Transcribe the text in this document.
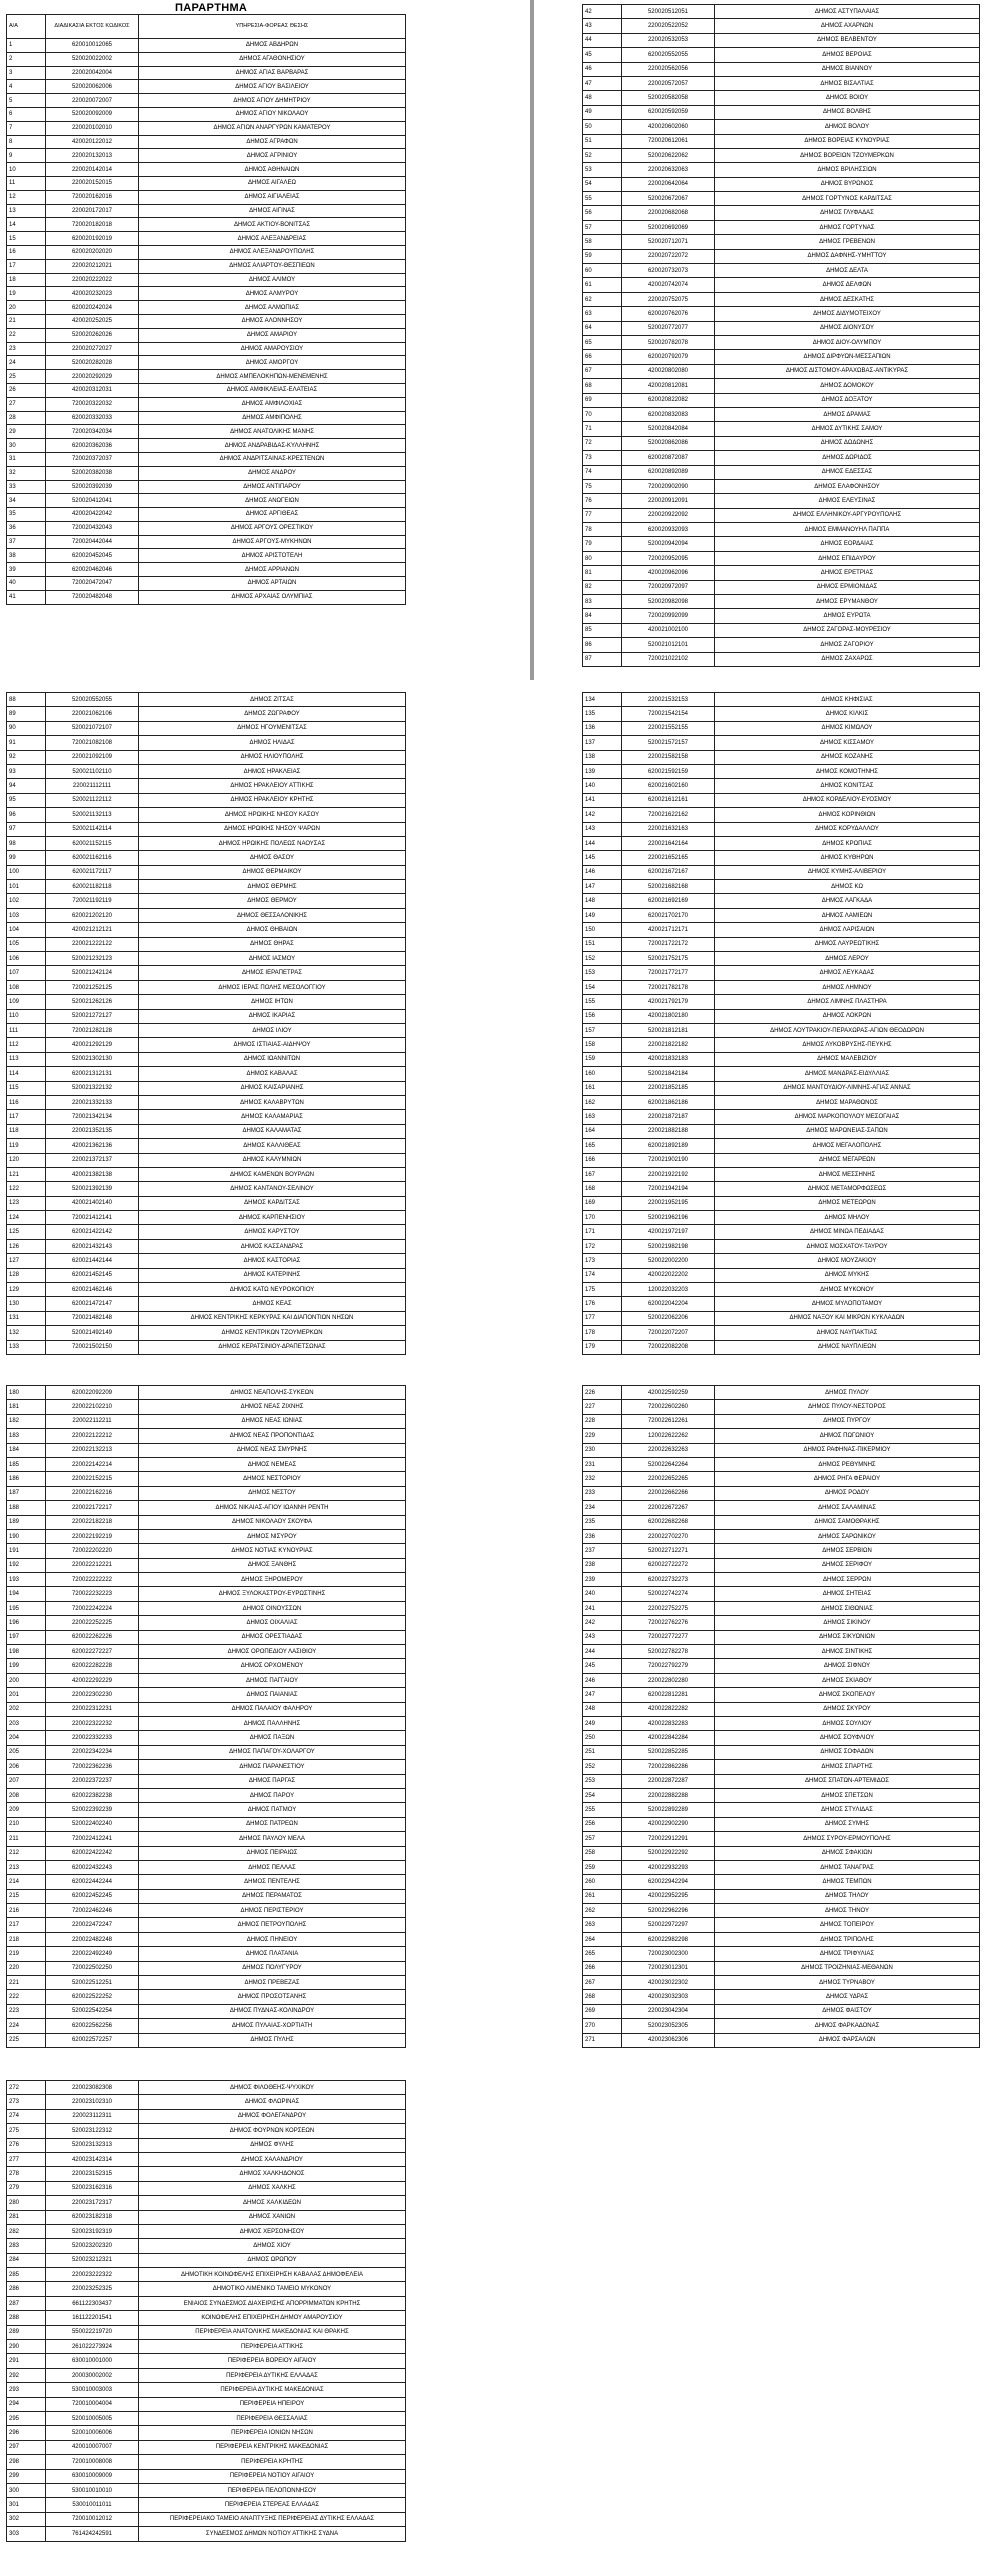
ΠΑΡΑΡΤΗΜΑ
Α/Α	ΔΙΑΔΙΚΑΣΙΑ ΕΚΤΟΣ ΚΩΔΙΚΟΣ	ΥΠΗΡΕΣΙΑ-ΦΟΡΕΑΣ ΘΕΣΗΣ
1	620010012065	ΔΗΜΟΣ ΑΒΔΗΡΩΝ
2	520020022002	ΔΗΜΟΣ ΑΓΑΘΟΝΗΣΙΟΥ
3	220020042004	ΔΗΜΟΣ ΑΓΙΑΣ ΒΑΡΒΑΡΑΣ
4	520020062006	ΔΗΜΟΣ ΑΓΙΟΥ ΒΑΣΙΛΕΙΟΥ
5	220020072007	ΔΗΜΟΣ ΑΓΙΟΥ ΔΗΜΗΤΡΙΟΥ
6	520020092009	ΔΗΜΟΣ ΑΓΙΟΥ ΝΙΚΟΛΑΟΥ
7	220020102010	ΔΗΜΟΣ ΑΓΙΩΝ ΑΝΑΡΓΥΡΩΝ ΚΑΜΑΤΕΡΟΥ
8	420020122012	ΔΗΜΟΣ ΑΓΡΑΦΩΝ
9	220020132013	ΔΗΜΟΣ ΑΓΡΙΝΙΟΥ
10	220020142014	ΔΗΜΟΣ ΑΘΗΝΑΙΩΝ
11	220020152015	ΔΗΜΟΣ ΑΙΓΑΛΕΩ
12	720020162016	ΔΗΜΟΣ ΑΙΓΙΑΛΕΙΑΣ
13	220020172017	ΔΗΜΟΣ ΑΙΓΙΝΑΣ
14	720020182018	ΔΗΜΟΣ ΑΚΤΙΟΥ-ΒΟΝΙΤΣΑΣ
15	620020192019	ΔΗΜΟΣ ΑΛΕΞΑΝΔΡΕΙΑΣ
16	620020202020	ΔΗΜΟΣ ΑΛΕΞΑΝΔΡΟΥΠΟΛΗΣ
17	220020212021	ΔΗΜΟΣ ΑΛΙΑΡΤΟΥ-ΘΕΣΠΙΕΩΝ
18	220020222022	ΔΗΜΟΣ ΑΛΙΜΟΥ
19	420020232023	ΔΗΜΟΣ ΑΛΜΥΡΟΥ
20	620020242024	ΔΗΜΟΣ ΑΛΜΩΠΙΑΣ
21	420020252025	ΔΗΜΟΣ ΑΛΟΝΝΗΣΟΥ
22	520020262026	ΔΗΜΟΣ ΑΜΑΡΙΟΥ
23	220020272027	ΔΗΜΟΣ ΑΜΑΡΟΥΣΙΟΥ
24	520020282028	ΔΗΜΟΣ ΑΜΟΡΓΟΥ
25	220020292029	ΔΗΜΟΣ ΑΜΠΕΛΟΚΗΠΩΝ-ΜΕΝΕΜΕΝΗΣ
26	420020312031	ΔΗΜΟΣ ΑΜΦΙΚΛΕΙΑΣ-ΕΛΑΤΕΙΑΣ
27	720020322032	ΔΗΜΟΣ ΑΜΦΙΛΟΧΙΑΣ
28	620020332033	ΔΗΜΟΣ ΑΜΦΙΠΟΛΗΣ
29	720020342034	ΔΗΜΟΣ ΑΝΑΤΟΛΙΚΗΣ ΜΑΝΗΣ
30	620020362036	ΔΗΜΟΣ ΑΝΔΡΑΒΙΔΑΣ-ΚΥΛΛΗΝΗΣ
31	720020372037	ΔΗΜΟΣ ΑΝΔΡΙΤΣΑΙΝΑΣ-ΚΡΕΣΤΕΝΩΝ
32	520020382038	ΔΗΜΟΣ ΑΝΔΡΟΥ
33	520020392039	ΔΗΜΟΣ ΑΝΤΙΠΑΡΟΥ
34	520020412041	ΔΗΜΟΣ ΑΝΩΓΕΙΩΝ
35	420020422042	ΔΗΜΟΣ ΑΡΓΙΘΕΑΣ
36	720020432043	ΔΗΜΟΣ ΑΡΓΟΥΣ ΟΡΕΣΤΙΚΟΥ
37	720020442044	ΔΗΜΟΣ ΑΡΓΟΥΣ-ΜΥΚΗΝΩΝ
38	620020452045	ΔΗΜΟΣ ΑΡΙΣΤΟΤΕΛΗ
39	620020462046	ΔΗΜΟΣ ΑΡΡΙΑΝΩΝ
40	720020472047	ΔΗΜΟΣ ΑΡΤΑΙΩΝ
41	720020482048	ΔΗΜΟΣ ΑΡΧΑΙΑΣ ΟΛΥΜΠΙΑΣ
42	520020512051	ΔΗΜΟΣ ΑΣΤΥΠΑΛΑΙΑΣ
43	220020522052	ΔΗΜΟΣ ΑΧΑΡΝΩΝ
44	220020532053	ΔΗΜΟΣ ΒΕΛΒΕΝΤΟΥ
45	620020552055	ΔΗΜΟΣ ΒΕΡΟΙΑΣ
46	220020562056	ΔΗΜΟΣ ΒΙΑΝΝΟΥ
47	220020572057	ΔΗΜΟΣ ΒΙΣΑΛΤΙΑΣ
48	520020582058	ΔΗΜΟΣ ΒΟΙΟΥ
49	620020592059	ΔΗΜΟΣ ΒΟΛΒΗΣ
50	420020602060	ΔΗΜΟΣ ΒΟΛΟΥ
51	720020612061	ΔΗΜΟΣ ΒΟΡΕΙΑΣ ΚΥΝΟΥΡΙΑΣ
52	520020622062	ΔΗΜΟΣ ΒΟΡΕΙΩΝ ΤΖΟΥΜΕΡΚΩΝ
53	220020632063	ΔΗΜΟΣ ΒΡΙΛΗΣΣΙΩΝ
54	220020642064	ΔΗΜΟΣ ΒΥΡΩΝΟΣ
55	520020672067	ΔΗΜΟΣ ΓΟΡΤΥΝΟΣ ΚΑΡΔΙΤΣΑΣ
56	220020682068	ΔΗΜΟΣ ΓΛΥΦΑΔΑΣ
57	520020692069	ΔΗΜΟΣ ΓΟΡΤΥΝΑΣ
58	520020712071	ΔΗΜΟΣ ΓΡΕΒΕΝΩΝ
59	220020722072	ΔΗΜΟΣ ΔΑΦΝΗΣ-ΥΜΗΤΤΟΥ
60	620020732073	ΔΗΜΟΣ ΔΕΛΤΑ
61	420020742074	ΔΗΜΟΣ ΔΕΛΦΩΝ
62	220020752075	ΔΗΜΟΣ ΔΕΣΚΑΤΗΣ
63	620020762076	ΔΗΜΟΣ ΔΙΔΥΜΟΤΕΙΧΟΥ
64	520020772077	ΔΗΜΟΣ ΔΙΟΝΥΣΟΥ
65	520020782078	ΔΗΜΟΣ ΔΙΟΥ-ΟΛΥΜΠΟΥ
66	620020792079	ΔΗΜΟΣ ΔΙΡΦΥΩΝ-ΜΕΣΣΑΠΙΩΝ
67	420020802080	ΔΗΜΟΣ ΔΙΣΤΟΜΟΥ-ΑΡΑΧΩΒΑΣ-ΑΝΤΙΚΥΡΑΣ
68	420020812081	ΔΗΜΟΣ ΔΟΜΟΚΟΥ
69	620020822082	ΔΗΜΟΣ ΔΟΞΑΤΟΥ
70	620020832083	ΔΗΜΟΣ ΔΡΑΜΑΣ
71	520020842084	ΔΗΜΟΣ ΔΥΤΙΚΗΣ ΣΑΜΟΥ
72	520020862086	ΔΗΜΟΣ ΔΩΔΩΝΗΣ
73	620020872087	ΔΗΜΟΣ ΔΩΡΙΔΟΣ
74	620020892089	ΔΗΜΟΣ ΕΔΕΣΣΑΣ
75	720020902090	ΔΗΜΟΣ ΕΛΑΦΟΝΗΣΟΥ
76	220020912091	ΔΗΜΟΣ ΕΛΕΥΣΙΝΑΣ
77	220020922092	ΔΗΜΟΣ ΕΛΛΗΝΙΚΟΥ-ΑΡΓΥΡΟΥΠΟΛΗΣ
78	620020932093	ΔΗΜΟΣ ΕΜΜΑΝΟΥΗΛ ΠΑΠΠΑ
79	520020942094	ΔΗΜΟΣ ΕΟΡΔΑΙΑΣ
80	720020952095	ΔΗΜΟΣ ΕΠΙΔΑΥΡΟΥ
81	420020962096	ΔΗΜΟΣ ΕΡΕΤΡΙΑΣ
82	720020972097	ΔΗΜΟΣ ΕΡΜΙΟΝΙΔΑΣ
83	520020982098	ΔΗΜΟΣ ΕΡΥΜΑΝΘΟΥ
84	720020992099	ΔΗΜΟΣ ΕΥΡΩΤΑ
85	420021002100	ΔΗΜΟΣ ΖΑΓΟΡΑΣ-ΜΟΥΡΕΣΙΟΥ
86	520021012101	ΔΗΜΟΣ ΖΑΓΟΡΙΟΥ
87	720021022102	ΔΗΜΟΣ ΖΑΧΑΡΩΣ
88	520020552055	ΔΗΜΟΣ ΖΙΤΣΑΣ
89	220021062106	ΔΗΜΟΣ ΖΩΓΡΑΦΟΥ
90	520021072107	ΔΗΜΟΣ ΗΓΟΥΜΕΝΙΤΣΑΣ
91	720021082108	ΔΗΜΟΣ ΗΛΙΔΑΣ
92	220021092109	ΔΗΜΟΣ ΗΛΙΟΥΠΟΛΗΣ
93	520021102110	ΔΗΜΟΣ ΗΡΑΚΛΕΙΑΣ
94	220021112111	ΔΗΜΟΣ ΗΡΑΚΛΕΙΟΥ ΑΤΤΙΚΗΣ
95	520021122112	ΔΗΜΟΣ ΗΡΑΚΛΕΙΟΥ ΚΡΗΤΗΣ
96	520021132113	ΔΗΜΟΣ ΗΡΩΙΚΗΣ ΝΗΣΟΥ ΚΑΣΟΥ
97	520021142114	ΔΗΜΟΣ ΗΡΩΙΚΗΣ ΝΗΣΟΥ ΨΑΡΩΝ
98	620021152115	ΔΗΜΟΣ ΗΡΩΙΚΗΣ ΠΟΛΕΩΣ ΝΑΟΥΣΑΣ
99	620021162116	ΔΗΜΟΣ ΘΑΣΟΥ
100	620021172117	ΔΗΜΟΣ ΘΕΡΜΑΙΚΟΥ
101	620021182118	ΔΗΜΟΣ ΘΕΡΜΗΣ
102	720021192119	ΔΗΜΟΣ ΘΕΡΜΟΥ
103	620021202120	ΔΗΜΟΣ ΘΕΣΣΑΛΟΝΙΚΗΣ
104	420021212121	ΔΗΜΟΣ ΘΗΒΑΙΩΝ
105	220021222122	ΔΗΜΟΣ ΘΗΡΑΣ
106	520021232123	ΔΗΜΟΣ ΙΑΣΜΟΥ
107	520021242124	ΔΗΜΟΣ ΙΕΡΑΠΕΤΡΑΣ
108	720021252125	ΔΗΜΟΣ ΙΕΡΑΣ ΠΟΛΗΣ ΜΕΣΟΛΟΓΓΙΟΥ
109	520021262126	ΔΗΜΟΣ ΙΗΤΩΝ
110	520021272127	ΔΗΜΟΣ ΙΚΑΡΙΑΣ
111	720021282128	ΔΗΜΟΣ ΙΛΙΟΥ
112	420021292129	ΔΗΜΟΣ ΙΣΤΙΑΙΑΣ-ΑΙΔΗΨΟΥ
113	520021302130	ΔΗΜΟΣ ΙΩΑΝΝΙΤΩΝ
114	620021312131	ΔΗΜΟΣ ΚΑΒΑΛΑΣ
115	520021322132	ΔΗΜΟΣ ΚΑΙΣΑΡΙΑΝΗΣ
116	220021332133	ΔΗΜΟΣ ΚΑΛΑΒΡΥΤΩΝ
117	720021342134	ΔΗΜΟΣ ΚΑΛΑΜΑΡΙΑΣ
118	220021352135	ΔΗΜΟΣ ΚΑΛΑΜΑΤΑΣ
119	420021362136	ΔΗΜΟΣ ΚΑΛΛΙΘΕΑΣ
120	220021372137	ΔΗΜΟΣ ΚΑΛΥΜΝΙΩΝ
121	420021382138	ΔΗΜΟΣ ΚΑΜΕΝΩΝ ΒΟΥΡΛΩΝ
122	520021392139	ΔΗΜΟΣ ΚΑΝΤΑΝΟΥ-ΣΕΛΙΝΟΥ
123	420021402140	ΔΗΜΟΣ ΚΑΡΔΙΤΣΑΣ
124	720021412141	ΔΗΜΟΣ ΚΑΡΠΕΝΗΣΙΟΥ
125	620021422142	ΔΗΜΟΣ ΚΑΡΥΣΤΟΥ
126	620021432143	ΔΗΜΟΣ ΚΑΣΣΑΝΔΡΑΣ
127	620021442144	ΔΗΜΟΣ ΚΑΣΤΟΡΙΑΣ
128	620021452145	ΔΗΜΟΣ ΚΑΤΕΡΙΝΗΣ
129	620021462146	ΔΗΜΟΣ ΚΑΤΩ ΝΕΥΡΟΚΟΠΙΟΥ
130	620021472147	ΔΗΜΟΣ ΚΕΑΣ
131	720021482148	ΔΗΜΟΣ ΚΕΝΤΡΙΚΗΣ ΚΕΡΚΥΡΑΣ ΚΑΙ ΔΙΑΠΟΝΤΙΩΝ ΝΗΣΩΝ
132	520021492149	ΔΗΜΟΣ ΚΕΝΤΡΙΚΩΝ ΤΖΟΥΜΕΡΚΩΝ
133	720021502150	ΔΗΜΟΣ ΚΕΡΑΤΣΙΝΙΟΥ-ΔΡΑΠΕΤΣΩΝΑΣ
134	220021532153	ΔΗΜΟΣ ΚΗΦΙΣΙΑΣ
135	720021542154	ΔΗΜΟΣ ΚΙΛΚΙΣ
136	220021552155	ΔΗΜΟΣ ΚΙΜΩΛΟΥ
137	520021572157	ΔΗΜΟΣ ΚΙΣΣΑΜΟΥ
138	220021582158	ΔΗΜΟΣ ΚΟΖΑΝΗΣ
139	620021592159	ΔΗΜΟΣ ΚΟΜΟΤΗΝΗΣ
140	620021602160	ΔΗΜΟΣ ΚΟΝΙΤΣΑΣ
141	620021612161	ΔΗΜΟΣ ΚΟΡΔΕΛΙΟΥ-ΕΥΟΣΜΟΥ
142	720021622162	ΔΗΜΟΣ ΚΟΡΙΝΘΙΩΝ
143	220021632163	ΔΗΜΟΣ ΚΟΡΥΔΑΛΛΟΥ
144	220021642164	ΔΗΜΟΣ ΚΡΩΠΙΑΣ
145	220021652165	ΔΗΜΟΣ ΚΥΘΗΡΩΝ
146	620021672167	ΔΗΜΟΣ ΚΥΜΗΣ-ΑΛΙΒΕΡΙΟΥ
147	520021682168	ΔΗΜΟΣ ΚΩ
148	620021692169	ΔΗΜΟΣ ΛΑΓΚΑΔΑ
149	620021702170	ΔΗΜΟΣ ΛΑΜΙΕΩΝ
150	420021712171	ΔΗΜΟΣ ΛΑΡΙΣΑΙΩΝ
151	720021722172	ΔΗΜΟΣ ΛΑΥΡΕΩΤΙΚΗΣ
152	520021752175	ΔΗΜΟΣ ΛΕΡΟΥ
153	720021772177	ΔΗΜΟΣ ΛΕΥΚΑΔΑΣ
154	720021782178	ΔΗΜΟΣ ΛΗΜΝΟΥ
155	420021792179	ΔΗΜΟΣ ΛΙΜΝΗΣ ΠΛΑΣΤΗΡΑ
156	420021802180	ΔΗΜΟΣ ΛΟΚΡΩΝ
157	520021812181	ΔΗΜΟΣ ΛΟΥΤΡΑΚΙΟΥ-ΠΕΡΑΧΩΡΑΣ-ΑΓΙΩΝ ΘΕΟΔΩΡΩΝ
158	220021822182	ΔΗΜΟΣ ΛΥΚΟΒΡΥΣΗΣ-ΠΕΥΚΗΣ
159	420021832183	ΔΗΜΟΣ ΜΑΛΕΒΙΖΙΟΥ
160	520021842184	ΔΗΜΟΣ ΜΑΝΔΡΑΣ-ΕΙΔΥΛΛΙΑΣ
161	220021852185	ΔΗΜΟΣ ΜΑΝΤΟΥΔΙΟΥ-ΛΙΜΝΗΣ-ΑΓΙΑΣ ΑΝΝΑΣ
162	620021862186	ΔΗΜΟΣ ΜΑΡΑΘΩΝΟΣ
163	220021872187	ΔΗΜΟΣ ΜΑΡΚΟΠΟΥΛΟΥ ΜΕΣΟΓΑΙΑΣ
164	220021882188	ΔΗΜΟΣ ΜΑΡΩΝΕΙΑΣ-ΣΑΠΩΝ
165	620021892189	ΔΗΜΟΣ ΜΕΓΑΛΟΠΟΛΗΣ
166	720021902190	ΔΗΜΟΣ ΜΕΓΑΡΕΩΝ
167	220021922192	ΔΗΜΟΣ ΜΕΣΣΗΝΗΣ
168	720021942194	ΔΗΜΟΣ ΜΕΤΑΜΟΡΦΩΣΕΩΣ
169	220021952195	ΔΗΜΟΣ ΜΕΤΕΩΡΩΝ
170	520021962196	ΔΗΜΟΣ ΜΗΛΟΥ
171	420021972197	ΔΗΜΟΣ ΜΙΝΩΑ ΠΕΔΙΑΔΑΣ
172	520021982198	ΔΗΜΟΣ ΜΟΣΧΑΤΟΥ-ΤΑΥΡΟΥ
173	520022002200	ΔΗΜΟΣ ΜΟΥΖΑΚΙΟΥ
174	420022022202	ΔΗΜΟΣ ΜΥΚΗΣ
175	120022032203	ΔΗΜΟΣ ΜΥΚΟΝΟΥ
176	620022042204	ΔΗΜΟΣ ΜΥΛΟΠΟΤΑΜΟΥ
177	520022062206	ΔΗΜΟΣ ΝΑΞΟΥ ΚΑΙ ΜΙΚΡΩΝ ΚΥΚΛΑΔΩΝ
178	720022072207	ΔΗΜΟΣ ΝΑΥΠΑΚΤΙΑΣ
179	720022082208	ΔΗΜΟΣ ΝΑΥΠΛΙΕΩΝ
180	620022092209	ΔΗΜΟΣ ΝΕΑΠΟΛΗΣ-ΣΥΚΕΩΝ
181	220022102210	ΔΗΜΟΣ ΝΕΑΣ ΖΙΧΝΗΣ
182	220022112211	ΔΗΜΟΣ ΝΕΑΣ ΙΩΝΙΑΣ
183	220022122212	ΔΗΜΟΣ ΝΕΑΣ ΠΡΟΠΟΝΤΙΔΑΣ
184	220022132213	ΔΗΜΟΣ ΝΕΑΣ ΣΜΥΡΝΗΣ
185	220022142214	ΔΗΜΟΣ ΝΕΜΕΑΣ
186	220022152215	ΔΗΜΟΣ ΝΕΣΤΟΡΙΟΥ
187	220022162216	ΔΗΜΟΣ ΝΕΣΤΟΥ
188	220022172217	ΔΗΜΟΣ ΝΙΚΑΙΑΣ-ΑΓΙΟΥ ΙΩΑΝΝΗ ΡΕΝΤΗ
189	220022182218	ΔΗΜΟΣ ΝΙΚΟΛΑΟΥ ΣΚΟΥΦΑ
190	220022192219	ΔΗΜΟΣ ΝΙΣΥΡΟΥ
191	720022202220	ΔΗΜΟΣ ΝΟΤΙΑΣ ΚΥΝΟΥΡΙΑΣ
192	220022212221	ΔΗΜΟΣ ΞΑΝΘΗΣ
193	720022222222	ΔΗΜΟΣ ΞΗΡΟΜΕΡΟΥ
194	720022232223	ΔΗΜΟΣ ΞΥΛΟΚΑΣΤΡΟΥ-ΕΥΡΩΣΤΙΝΗΣ
195	720022242224	ΔΗΜΟΣ ΟΙΝΟΥΣΣΩΝ
196	220022252225	ΔΗΜΟΣ ΟΙΧΑΛΙΑΣ
197	620022262226	ΔΗΜΟΣ ΟΡΕΣΤΙΑΔΑΣ
198	620022272227	ΔΗΜΟΣ ΟΡΟΠΕΔΙΟΥ ΛΑΣΙΘΙΟΥ
199	620022282228	ΔΗΜΟΣ ΟΡΧΟΜΕΝΟΥ
200	420022292229	ΔΗΜΟΣ ΠΑΓΓΑΙΟΥ
201	220022302230	ΔΗΜΟΣ ΠΑΙΑΝΙΑΣ
202	220022312231	ΔΗΜΟΣ ΠΑΛΑΙΟΥ ΦΑΛΗΡΟΥ
203	220022322232	ΔΗΜΟΣ ΠΑΛΛΗΝΗΣ
204	220022332233	ΔΗΜΟΣ ΠΑΞΩΝ
205	220022342234	ΔΗΜΟΣ ΠΑΠΑΓΟΥ-ΧΟΛΑΡΓΟΥ
206	720022362236	ΔΗΜΟΣ ΠΑΡΑΝΕΣΤΙΟΥ
207	220022372237	ΔΗΜΟΣ ΠΑΡΓΑΣ
208	620022382238	ΔΗΜΟΣ ΠΑΡΟΥ
209	520022392239	ΔΗΜΟΣ ΠΑΤΜΟΥ
210	520022402240	ΔΗΜΟΣ ΠΑΤΡΕΩΝ
211	720022412241	ΔΗΜΟΣ ΠΑΥΛΟΥ ΜΕΛΑ
212	620022422242	ΔΗΜΟΣ ΠΕΙΡΑΙΩΣ
213	620022432243	ΔΗΜΟΣ ΠΕΛΛΑΣ
214	620022442244	ΔΗΜΟΣ ΠΕΝΤΕΛΗΣ
215	620022452245	ΔΗΜΟΣ ΠΕΡΑΜΑΤΟΣ
216	720022462246	ΔΗΜΟΣ ΠΕΡΙΣΤΕΡΙΟΥ
217	220022472247	ΔΗΜΟΣ ΠΕΤΡΟΥΠΟΛΗΣ
218	220022482248	ΔΗΜΟΣ ΠΗΝΕΙΟΥ
219	220022492249	ΔΗΜΟΣ ΠΛΑΤΑΝΙΑ
220	720022502250	ΔΗΜΟΣ ΠΟΛΥΓΥΡΟΥ
221	520022512251	ΔΗΜΟΣ ΠΡΕΒΕΖΑΣ
222	620022522252	ΔΗΜΟΣ ΠΡΟΣΟΤΣΑΝΗΣ
223	520022542254	ΔΗΜΟΣ ΠΥΔΝΑΣ-ΚΟΛΙΝΔΡΟΥ
224	620022562256	ΔΗΜΟΣ ΠΥΛΑΙΑΣ-ΧΟΡΤΙΑΤΗ
225	620022572257	ΔΗΜΟΣ ΠΥΛΗΣ
226	420022592259	ΔΗΜΟΣ ΠΥΛΟΥ
227	720022602260	ΔΗΜΟΣ ΠΥΛΟΥ-ΝΕΣΤΟΡΟΣ
228	720022612261	ΔΗΜΟΣ ΠΥΡΓΟΥ
229	120022622262	ΔΗΜΟΣ ΠΩΓΩΝΙΟΥ
230	220022632263	ΔΗΜΟΣ ΡΑΦΗΝΑΣ-ΠΙΚΕΡΜΙΟΥ
231	520022642264	ΔΗΜΟΣ ΡΕΘΥΜΝΗΣ
232	220022652265	ΔΗΜΟΣ ΡΗΓΑ ΦΕΡΑΙΟΥ
233	220022662266	ΔΗΜΟΣ ΡΟΔΟΥ
234	220022672267	ΔΗΜΟΣ ΣΑΛΑΜΙΝΑΣ
235	620022682268	ΔΗΜΟΣ ΣΑΜΟΘΡΑΚΗΣ
236	220022702270	ΔΗΜΟΣ ΣΑΡΩΝΙΚΟΥ
237	520022712271	ΔΗΜΟΣ ΣΕΡΒΙΩΝ
238	620022722272	ΔΗΜΟΣ ΣΕΡΙΦΟΥ
239	620022732273	ΔΗΜΟΣ ΣΕΡΡΩΝ
240	520022742274	ΔΗΜΟΣ ΣΗΤΕΙΑΣ
241	220022752275	ΔΗΜΟΣ ΣΙΘΩΝΙΑΣ
242	720022762276	ΔΗΜΟΣ ΣΙΚΙΝΟΥ
243	720022772277	ΔΗΜΟΣ ΣΙΚΥΩΝΙΩΝ
244	520022782278	ΔΗΜΟΣ ΣΙΝΤΙΚΗΣ
245	720022792279	ΔΗΜΟΣ ΣΙΦΝΟΥ
246	220022802280	ΔΗΜΟΣ ΣΚΙΑΘΟΥ
247	620022812281	ΔΗΜΟΣ ΣΚΟΠΕΛΟΥ
248	420022822282	ΔΗΜΟΣ ΣΚΥΡΟΥ
249	420022832283	ΔΗΜΟΣ ΣΟΥΛΙΟΥ
250	420022842284	ΔΗΜΟΣ ΣΟΥΦΛΙΟΥ
251	520022852285	ΔΗΜΟΣ ΣΟΦΑΔΩΝ
252	720022862286	ΔΗΜΟΣ ΣΠΑΡΤΗΣ
253	220022872287	ΔΗΜΟΣ ΣΠΑΤΩΝ-ΑΡΤΕΜΙΔΟΣ
254	220022882288	ΔΗΜΟΣ ΣΠΕΤΣΩΝ
255	520022892289	ΔΗΜΟΣ ΣΤΥΛΙΔΑΣ
256	420022902290	ΔΗΜΟΣ ΣΥΜΗΣ
257	720022912291	ΔΗΜΟΣ ΣΥΡΟΥ-ΕΡΜΟΥΠΟΛΗΣ
258	520022922292	ΔΗΜΟΣ ΣΦΑΚΙΩΝ
259	420022932293	ΔΗΜΟΣ ΤΑΝΑΓΡΑΣ
260	620022942294	ΔΗΜΟΣ ΤΕΜΠΩΝ
261	420022952295	ΔΗΜΟΣ ΤΗΛΟΥ
262	520022962296	ΔΗΜΟΣ ΤΗΝΟΥ
263	520022972297	ΔΗΜΟΣ ΤΟΠΕΙΡΟΥ
264	620022982298	ΔΗΜΟΣ ΤΡΙΠΟΛΗΣ
265	720023002300	ΔΗΜΟΣ ΤΡΙΦΥΛΙΑΣ
266	720023012301	ΔΗΜΟΣ ΤΡΟΙΖΗΝΙΑΣ-ΜΕΘΑΝΩΝ
267	420023022302	ΔΗΜΟΣ ΤΥΡΝΑΒΟΥ
268	420023032303	ΔΗΜΟΣ ΥΔΡΑΣ
269	220023042304	ΔΗΜΟΣ ΦΑΙΣΤΟΥ
270	520023052305	ΔΗΜΟΣ ΦΑΡΚΑΔΟΝΑΣ
271	420023062306	ΔΗΜΟΣ ΦΑΡΣΑΛΩΝ
272	220023082308	ΔΗΜΟΣ ΦΙΛΟΘΕΗΣ-ΨΥΧΙΚΟΥ
273	220023102310	ΔΗΜΟΣ ΦΛΩΡΙΝΑΣ
274	220023112311	ΔΗΜΟΣ ΦΟΛΕΓΑΝΔΡΟΥ
275	520023122312	ΔΗΜΟΣ ΦΟΥΡΝΩΝ ΚΟΡΣΕΩΝ
276	520023132313	ΔΗΜΟΣ ΦΥΛΗΣ
277	420023142314	ΔΗΜΟΣ ΧΑΛΑΝΔΡΙΟΥ
278	220023152315	ΔΗΜΟΣ ΧΑΛΚΗΔΟΝΟΣ
279	520023162316	ΔΗΜΟΣ ΧΑΛΚΗΣ
280	220023172317	ΔΗΜΟΣ ΧΑΛΚΙΔΕΩΝ
281	620023182318	ΔΗΜΟΣ ΧΑΝΙΩΝ
282	520023192319	ΔΗΜΟΣ ΧΕΡΣΟΝΗΣΟΥ
283	520023202320	ΔΗΜΟΣ ΧΙΟΥ
284	520023212321	ΔΗΜΟΣ ΩΡΩΠΟΥ
285	220023222322	ΔΗΜΟΤΙΚΗ ΚΟΙΝΩΦΕΛΗΣ ΕΠΙΧΕΙΡΗΣΗ ΚΑΒΑΛΑΣ ΔΗΜΟΦΕΛΕΙΑ
286	220023252325	ΔΗΜΟΤΙΚΟ ΛΙΜΕΝΙΚΟ ΤΑΜΕΙΟ ΜΥΚΟΝΟΥ
287	661122303437	ΕΝΙΑΙΟΣ ΣΥΝΔΕΣΜΟΣ ΔΙΑΧΕΙΡΙΣΗΣ ΑΠΟΡΡΙΜΜΑΤΩΝ ΚΡΗΤΗΣ
288	161122201541	ΚΟΙΝΩΦΕΛΗΣ ΕΠΙΧΕΙΡΗΣΗ ΔΗΜΟΥ ΑΜΑΡΟΥΣΙΟΥ
289	550022219720	ΠΕΡΙΦΕΡΕΙΑ ΑΝΑΤΟΛΙΚΗΣ ΜΑΚΕΔΟΝΙΑΣ ΚΑΙ ΘΡΑΚΗΣ
290	261022273924	ΠΕΡΙΦΕΡΕΙΑ ΑΤΤΙΚΗΣ
291	630010001000	ΠΕΡΙΦΕΡΕΙΑ ΒΟΡΕΙΟΥ ΑΙΓΑΙΟΥ
292	200030002002	ΠΕΡΙΦΕΡΕΙΑ ΔΥΤΙΚΗΣ ΕΛΛΑΔΑΣ
293	530010003003	ΠΕΡΙΦΕΡΕΙΑ ΔΥΤΙΚΗΣ ΜΑΚΕΔΟΝΙΑΣ
294	720010004004	ΠΕΡΙΦΕΡΕΙΑ ΗΠΕΙΡΟΥ
295	520010005005	ΠΕΡΙΦΕΡΕΙΑ ΘΕΣΣΑΛΙΑΣ
296	520010006006	ΠΕΡΙΦΕΡΕΙΑ ΙΟΝΙΩΝ ΝΗΣΩΝ
297	420010007007	ΠΕΡΙΦΕΡΕΙΑ ΚΕΝΤΡΙΚΗΣ ΜΑΚΕΔΟΝΙΑΣ
298	720010008008	ΠΕΡΙΦΕΡΕΙΑ ΚΡΗΤΗΣ
299	630010009009	ΠΕΡΙΦΕΡΕΙΑ ΝΟΤΙΟΥ ΑΙΓΑΙΟΥ
300	530010010010	ΠΕΡΙΦΕΡΕΙΑ ΠΕΛΟΠΟΝΝΗΣΟΥ
301	530010011011	ΠΕΡΙΦΕΡΕΙΑ ΣΤΕΡΕΑΣ ΕΛΛΑΔΑΣ
302	720010012012	ΠΕΡΙΦΕΡΕΙΑΚΟ ΤΑΜΕΙΟ ΑΝΑΠΤΥΞΗΣ ΠΕΡΙΦΕΡΕΙΑΣ ΔΥΤΙΚΗΣ ΕΛΛΑΔΑΣ
303	761424242591	ΣΥΝΔΕΣΜΟΣ ΔΗΜΩΝ ΝΟΤΙΟΥ ΑΤΤΙΚΗΣ ΣΥΔΝΑ
